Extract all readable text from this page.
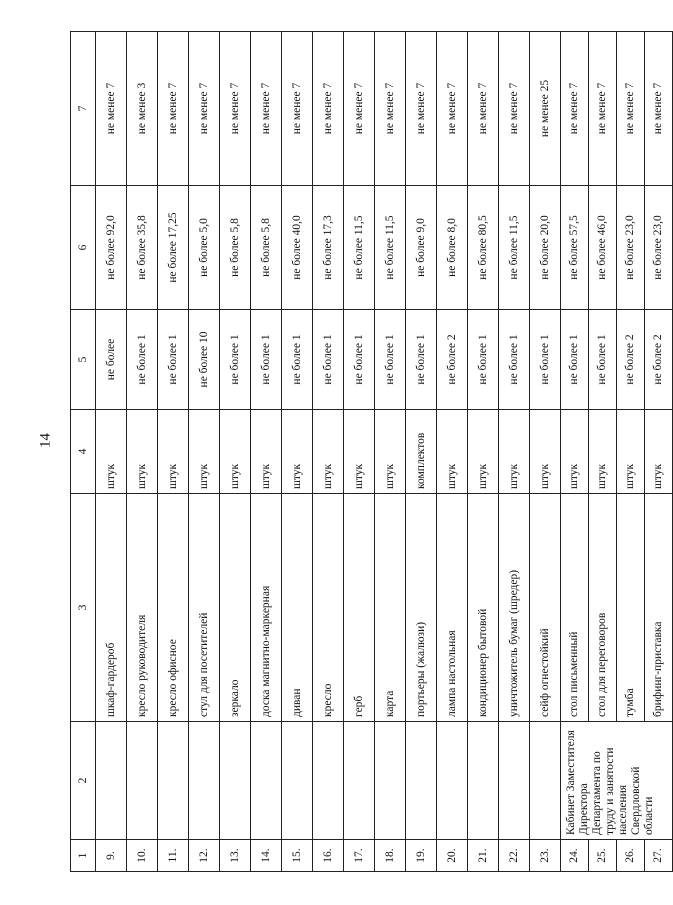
14
1	2	3	4	5	6	7
9.		шкаф-гардероб	штук	не более	не более 92,0	не менее 7
10.		кресло руководителя	штук	не более 1	не более 35,8	не менее 3
11.		кресло офисное	штук	не более 1	не более 17,25	не менее 7
12.		стул для посетителей	штук	не более 10	не более 5,0	не менее 7
13.		зеркало	штук	не более 1	не более 5,8	не менее 7
14.		доска магнитно-маркерная	штук	не более 1	не более 5,8	не менее 7
15.		диван	штук	не более 1	не более 40,0	не менее 7
16.		кресло	штук	не более 1	не более 17,3	не менее 7
17.		герб	штук	не более 1	не более 11,5	не менее 7
18.		карта	штук	не более 1	не более 11,5	не менее 7
19.		портьеры (жалюзи)	комплектов	не более 1	не более 9,0	не менее 7
20.		лампа настольная	штук	не более 2	не более 8,0	не менее 7
21.		кондиционер бытовой	штук	не более 1	не более 80,5	не менее 7
22.		уничтожитель бумаг (шредер)	штук	не более 1	не более 11,5	не менее 7
23.		сейф огнестойкий	штук	не более 1	не более 20,0	не менее 25
24.	Кабинет Заместителя Директора Департамента по труду и занятости населения Свердловской области	стол письменный	штук	не более 1	не более 57,5	не менее 7
25.		стол для переговоров	штук	не более 1	не более 46,0	не менее 7
26.		тумба	штук	не более 2	не более 23,0	не менее 7
27.		брифинг-приставка	штук	не более 2	не более 23,0	не менее 7
